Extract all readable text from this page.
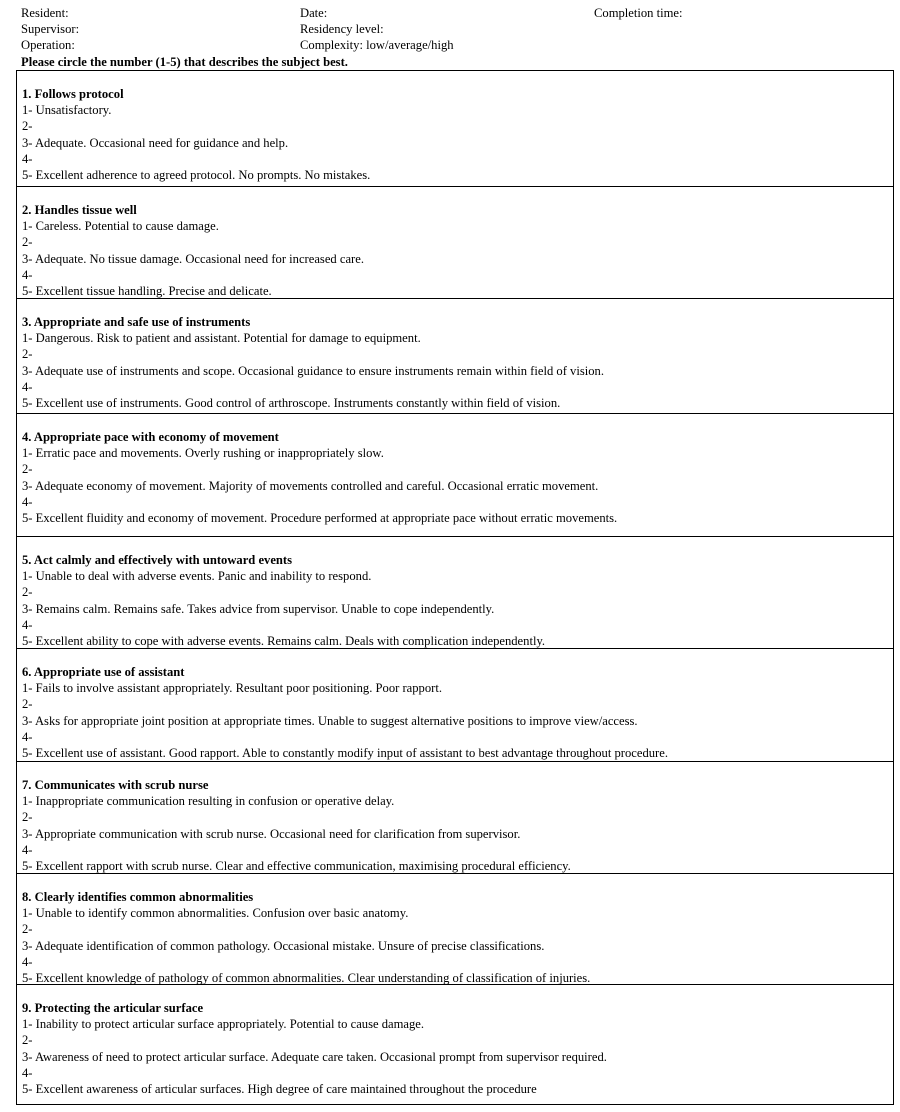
Resident:	Date:	Completion time:
Supervisor:	Residency level:
Operation:	Complexity: low/average/high
Please circle the number (1-5) that describes the subject best.
1. Follows protocol
1- Unsatisfactory.
2-
3- Adequate. Occasional need for guidance and help.
4-
5- Excellent adherence to agreed protocol. No prompts. No mistakes.
2. Handles tissue well
1- Careless. Potential to cause damage.
2-
3- Adequate. No tissue damage. Occasional need for increased care.
4-
5- Excellent tissue handling. Precise and delicate.
3. Appropriate and safe use of instruments
1- Dangerous. Risk to patient and assistant. Potential for damage to equipment.
2-
3- Adequate use of instruments and scope. Occasional guidance to ensure instruments remain within field of vision.
4-
5- Excellent use of instruments. Good control of arthroscope. Instruments constantly within field of vision.
4. Appropriate pace with economy of movement
1- Erratic pace and movements. Overly rushing or inappropriately slow.
2-
3- Adequate economy of movement. Majority of movements controlled and careful. Occasional erratic movement.
4-
5- Excellent fluidity and economy of movement. Procedure performed at appropriate pace without erratic movements.
5. Act calmly and effectively with untoward events
1- Unable to deal with adverse events. Panic and inability to respond.
2-
3- Remains calm. Remains safe. Takes advice from supervisor. Unable to cope independently.
4-
5- Excellent ability to cope with adverse events. Remains calm. Deals with complication independently.
6. Appropriate use of assistant
1- Fails to involve assistant appropriately. Resultant poor positioning. Poor rapport.
2-
3- Asks for appropriate joint position at appropriate times. Unable to suggest alternative positions to improve view/access.
4-
5- Excellent use of assistant. Good rapport. Able to constantly modify input of assistant to best advantage throughout procedure.
7. Communicates with scrub nurse
1- Inappropriate communication resulting in confusion or operative delay.
2-
3- Appropriate communication with scrub nurse. Occasional need for clarification from supervisor.
4-
5- Excellent rapport with scrub nurse. Clear and effective communication, maximising procedural efficiency.
8. Clearly identifies common abnormalities
1- Unable to identify common abnormalities. Confusion over basic anatomy.
2-
3- Adequate identification of common pathology. Occasional mistake. Unsure of precise classifications.
4-
5- Excellent knowledge of pathology of common abnormalities. Clear understanding of classification of injuries.
9. Protecting the articular surface
1- Inability to protect articular surface appropriately. Potential to cause damage.
2-
3- Awareness of need to protect articular surface. Adequate care taken. Occasional prompt from supervisor required.
4-
5- Excellent awareness of articular surfaces. High degree of care maintained throughout the procedure
